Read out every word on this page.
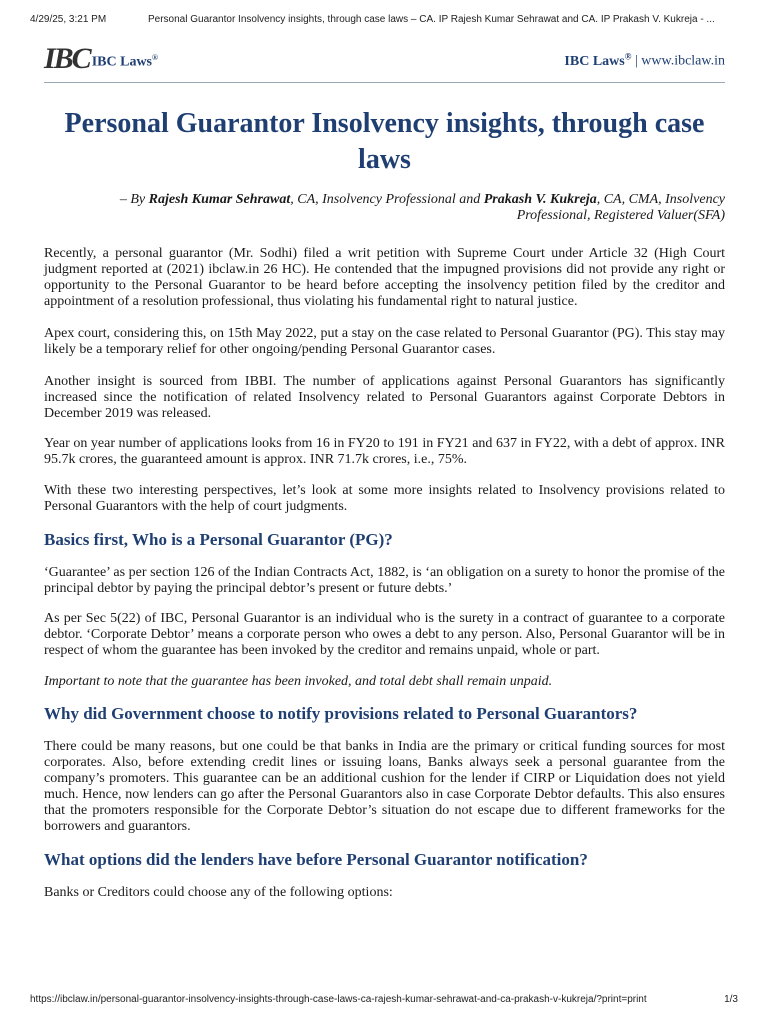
4/29/25, 3:21 PM	Personal Guarantor Insolvency insights, through case laws – CA. IP Rajesh Kumar Sehrawat and CA. IP Prakash V. Kukreja - ...
IBC IBC Laws®	IBC Laws® | www.ibclaw.in
Personal Guarantor Insolvency insights, through case laws

– By Rajesh Kumar Sehrawat, CA, Insolvency Professional and Prakash V. Kukreja, CA, CMA, Insolvency Professional, Registered Valuer(SFA)

Recently, a personal guarantor (Mr. Sodhi) filed a writ petition with Supreme Court under Article 32 (High Court judgment reported at (2021) ibclaw.in 26 HC). He contended that the impugned provisions did not provide any right or opportunity to the Personal Guarantor to be heard before accepting the insolvency petition filed by the creditor and appointment of a resolution professional, thus violating his fundamental right to natural justice.

Apex court, considering this, on 15th May 2022, put a stay on the case related to Personal Guarantor (PG). This stay may likely be a temporary relief for other ongoing/pending Personal Guarantor cases.

Another insight is sourced from IBBI. The number of applications against Personal Guarantors has significantly increased since the notification of related Insolvency related to Personal Guarantors against Corporate Debtors in December 2019 was released.

Year on year number of applications looks from 16 in FY20 to 191 in FY21 and 637 in FY22, with a debt of approx. INR 95.7k crores, the guaranteed amount is approx. INR 71.7k crores, i.e., 75%.

With these two interesting perspectives, let’s look at some more insights related to Insolvency provisions related to Personal Guarantors with the help of court judgments.

Basics first, Who is a Personal Guarantor (PG)?

‘Guarantee’ as per section 126 of the Indian Contracts Act, 1882, is ‘an obligation on a surety to honor the promise of the principal debtor by paying the principal debtor’s present or future debts.’

As per Sec 5(22) of IBC, Personal Guarantor is an individual who is the surety in a contract of guarantee to a corporate debtor. ‘Corporate Debtor’ means a corporate person who owes a debt to any person. Also, Personal Guarantor will be in respect of whom the guarantee has been invoked by the creditor and remains unpaid, whole or part.

Important to note that the guarantee has been invoked, and total debt shall remain unpaid.

Why did Government choose to notify provisions related to Personal Guarantors?

There could be many reasons, but one could be that banks in India are the primary or critical funding sources for most corporates. Also, before extending credit lines or issuing loans, Banks always seek a personal guarantee from the company’s promoters. This guarantee can be an additional cushion for the lender if CIRP or Liquidation does not yield much. Hence, now lenders can go after the Personal Guarantors also in case Corporate Debtor defaults. This also ensures that the promoters responsible for the Corporate Debtor’s situation do not escape due to different frameworks for the borrowers and guarantors.

What options did the lenders have before Personal Guarantor notification?

Banks or Creditors could choose any of the following options:

https://ibclaw.in/personal-guarantor-insolvency-insights-through-case-laws-ca-rajesh-kumar-sehrawat-and-ca-prakash-v-kukreja/?print=print	1/3
